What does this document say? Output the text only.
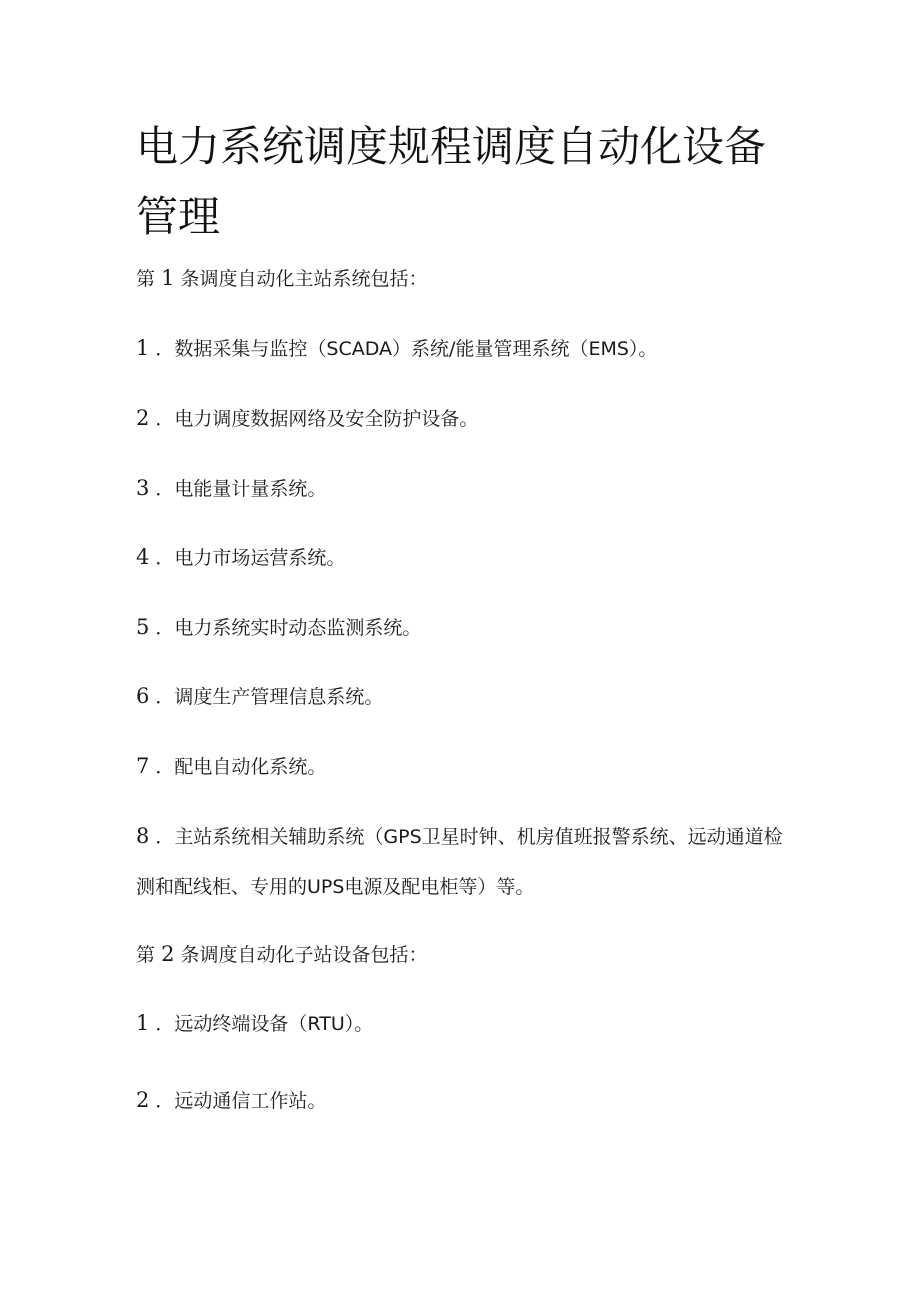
电力系统调度规程调度自动化设备管理

第 1 条调度自动化主站系统包括：

1 ．数据采集与监控（SCADA）系统/能量管理系统（EMS）。

2 ．电力调度数据网络及安全防护设备。

3 ．电能量计量系统。

4 ．电力市场运营系统。

5 ．电力系统实时动态监测系统。

6 ．调度生产管理信息系统。

7 ．配电自动化系统。

8 ．主站系统相关辅助系统（GPS卫星时钟、机房值班报警系统、远动通道检测和配线柜、专用的UPS电源及配电柜等）等。

第 2 条调度自动化子站设备包括：

1 ．远动终端设备（RTU）。

2 ．远动通信工作站。
